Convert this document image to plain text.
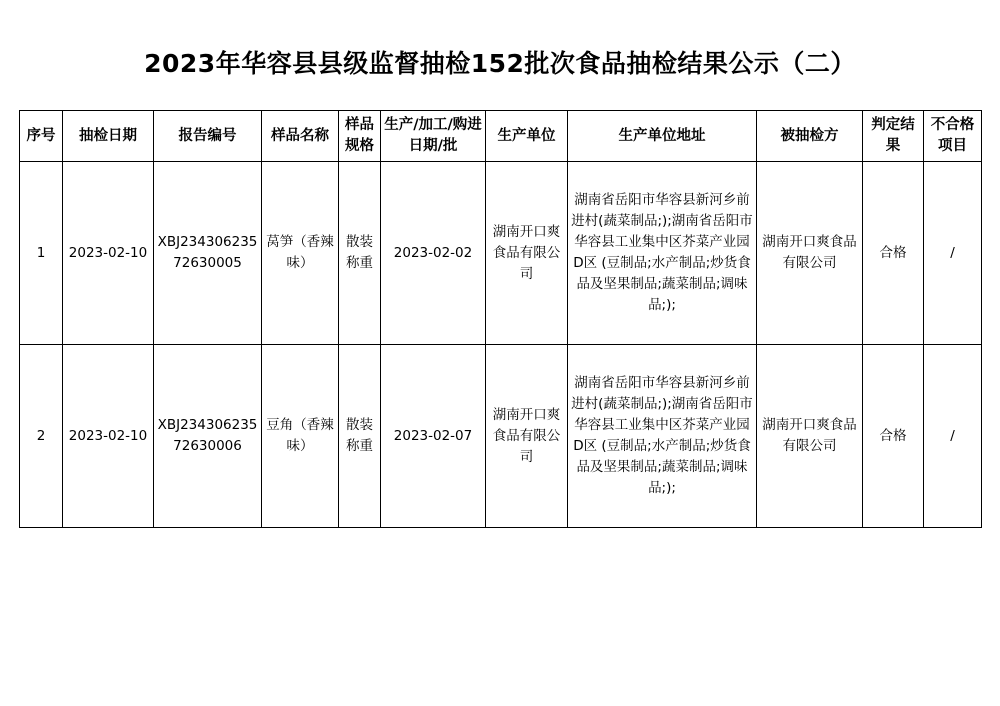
2023年华容县县级监督抽检152批次食品抽检结果公示（二）
序号	抽检日期	报告编号	样品名称	样品规格	生产/加工/购进日期/批	生产单位	生产单位地址	被抽检方	判定结果	不合格项目
1	2023-02-10	XBJ23430623572630005	莴笋（香辣味）	散装称重	2023-02-02	湖南开口爽食品有限公司	湖南省岳阳市华容县新河乡前进村(蔬菜制品;);湖南省岳阳市华容县工业集中区芥菜产业园D区 (豆制品;水产制品;炒货食品及坚果制品;蔬菜制品;调味品;);	湖南开口爽食品有限公司	合格	/
2	2023-02-10	XBJ23430623572630006	豆角（香辣味）	散装称重	2023-02-07	湖南开口爽食品有限公司	湖南省岳阳市华容县新河乡前进村(蔬菜制品;);湖南省岳阳市华容县工业集中区芥菜产业园D区 (豆制品;水产制品;炒货食品及坚果制品;蔬菜制品;调味品;);	湖南开口爽食品有限公司	合格	/
